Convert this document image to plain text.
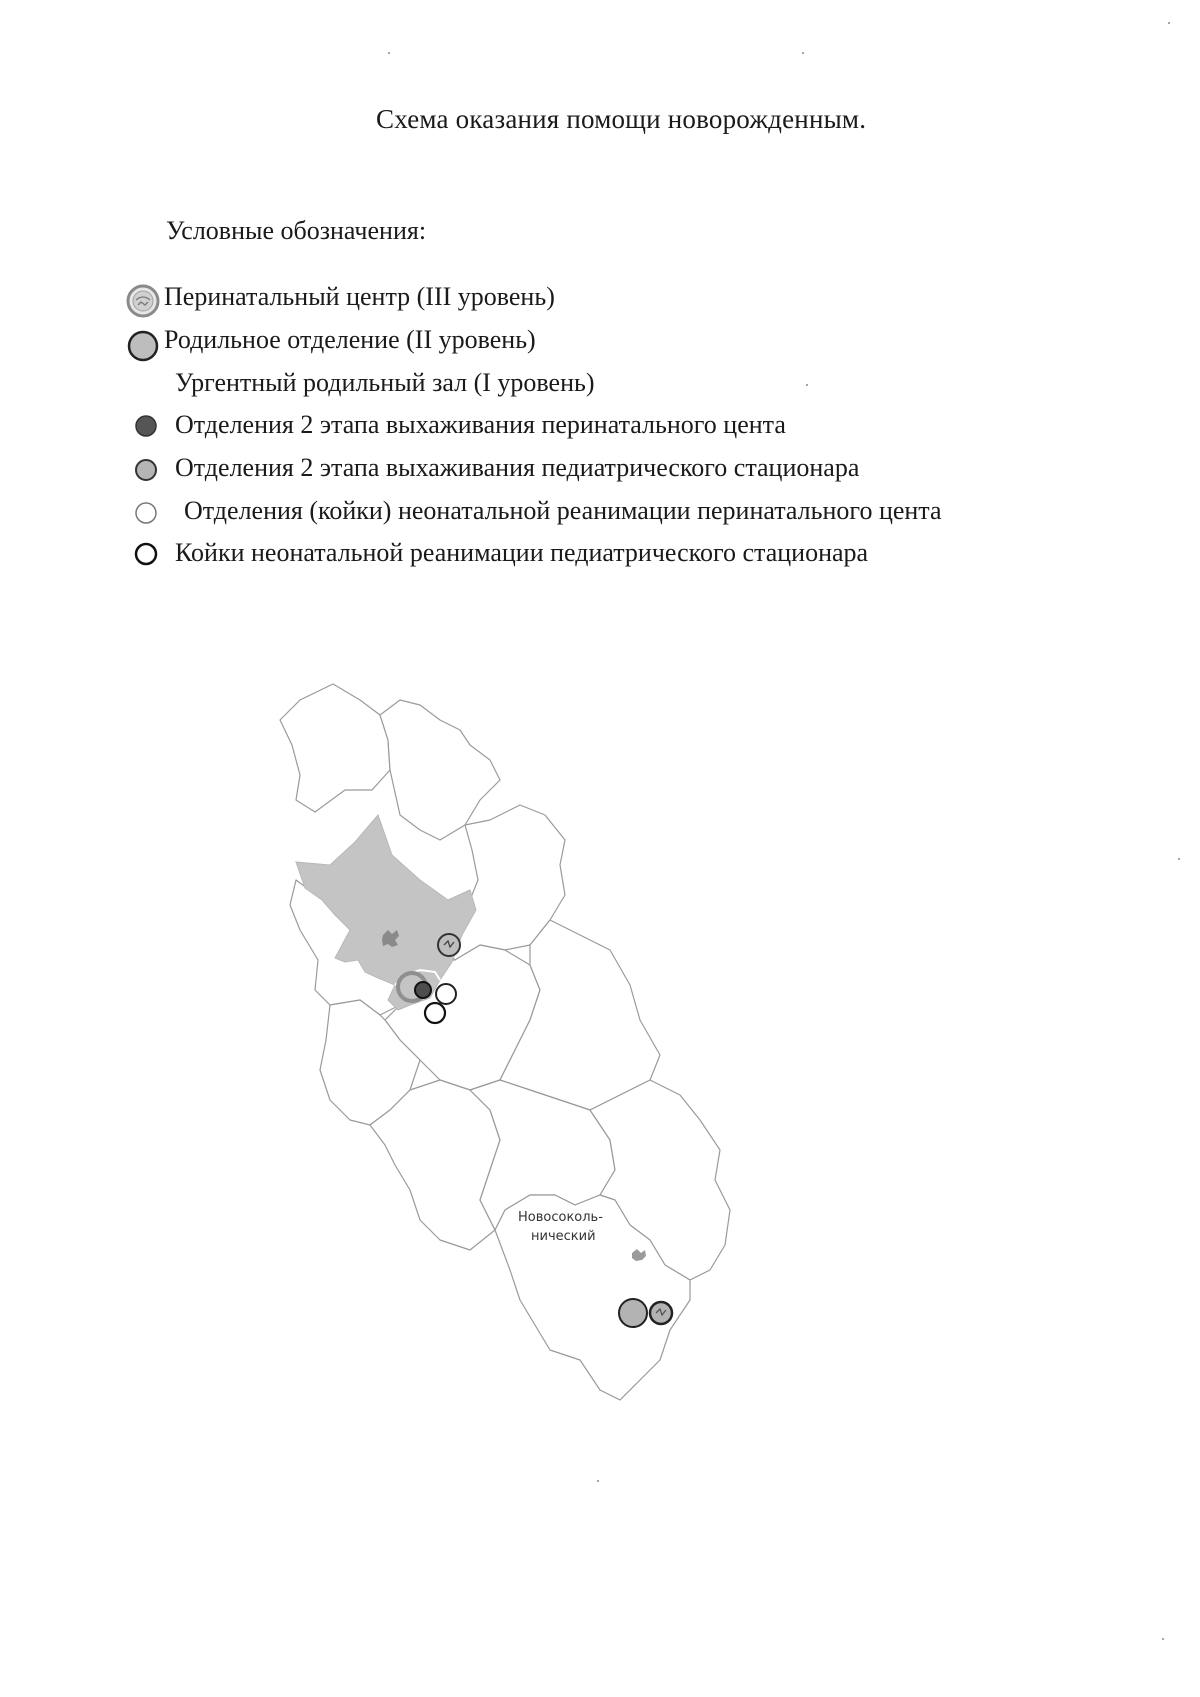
Схема оказания помощи новорожденным.
Условные обозначения:
Перинатальный центр (III уровень)
Родильное отделение (II уровень)
Ургентный родильный зал (I уровень)
Отделения 2 этапа выхаживания перинатального цента
Отделения 2 этапа выхаживания педиатрического стационара
Отделения (койки) неонатальной реанимации перинатального цента
Койки неонатальной реанимации педиатрического стационара
Новосоколь-
нический
